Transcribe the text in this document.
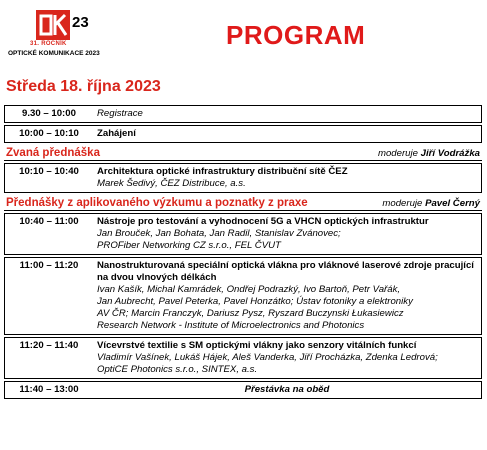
23
31. ROČNÍK
OPTICKÉ KOMUNIKACE 2023
PROGRAM
Středa 18. října 2023
9.30 – 10:00	Registrace
10:00 – 10:10	Zahájení
Zvaná přednáška	moderuje Jiří Vodrážka
10:10 – 10:40	Architektura optické infrastruktury distribuční sítě ČEZ
Marek Šedivý, ČEZ Distribuce, a.s.
Přednášky z aplikovaného výzkumu a poznatky z praxe	moderuje Pavel Černý
10:40 – 11:00	Nástroje pro testování a vyhodnocení 5G a VHCN optických infrastruktur
Jan Brouček, Jan Bohata, Jan Radil, Stanislav Zvánovec;
PROFiber Networking CZ s.r.o., FEL ČVUT
11:00 – 11:20	Nanostrukturovaná speciální optická vlákna pro vláknové laserové zdroje pracující na dvou vlnových délkách
Ivan Kašík, Michal Kamrádek, Ondřej Podrazký, Ivo Bartoň, Petr Vařák,
Jan Aubrecht, Pavel Peterka, Pavel Honzátko; Ústav fotoniky a elektroniky
AV ČR; Marcin Franczyk, Dariusz Pysz, Ryszard Buczynski Łukasiewicz
Research Network - Institute of Microelectronics and Photonics
11:20 – 11:40	Vícevrstvé textilie s SM optickými vlákny jako senzory vitálních funkcí
Vladimír Vašínek, Lukáš Hájek, Aleš Vanderka, Jiří Procházka, Zdenka Ledrová;
OptiCE Photonics s.r.o., SINTEX, a.s.
11:40 – 13:00	Přestávka na oběd
